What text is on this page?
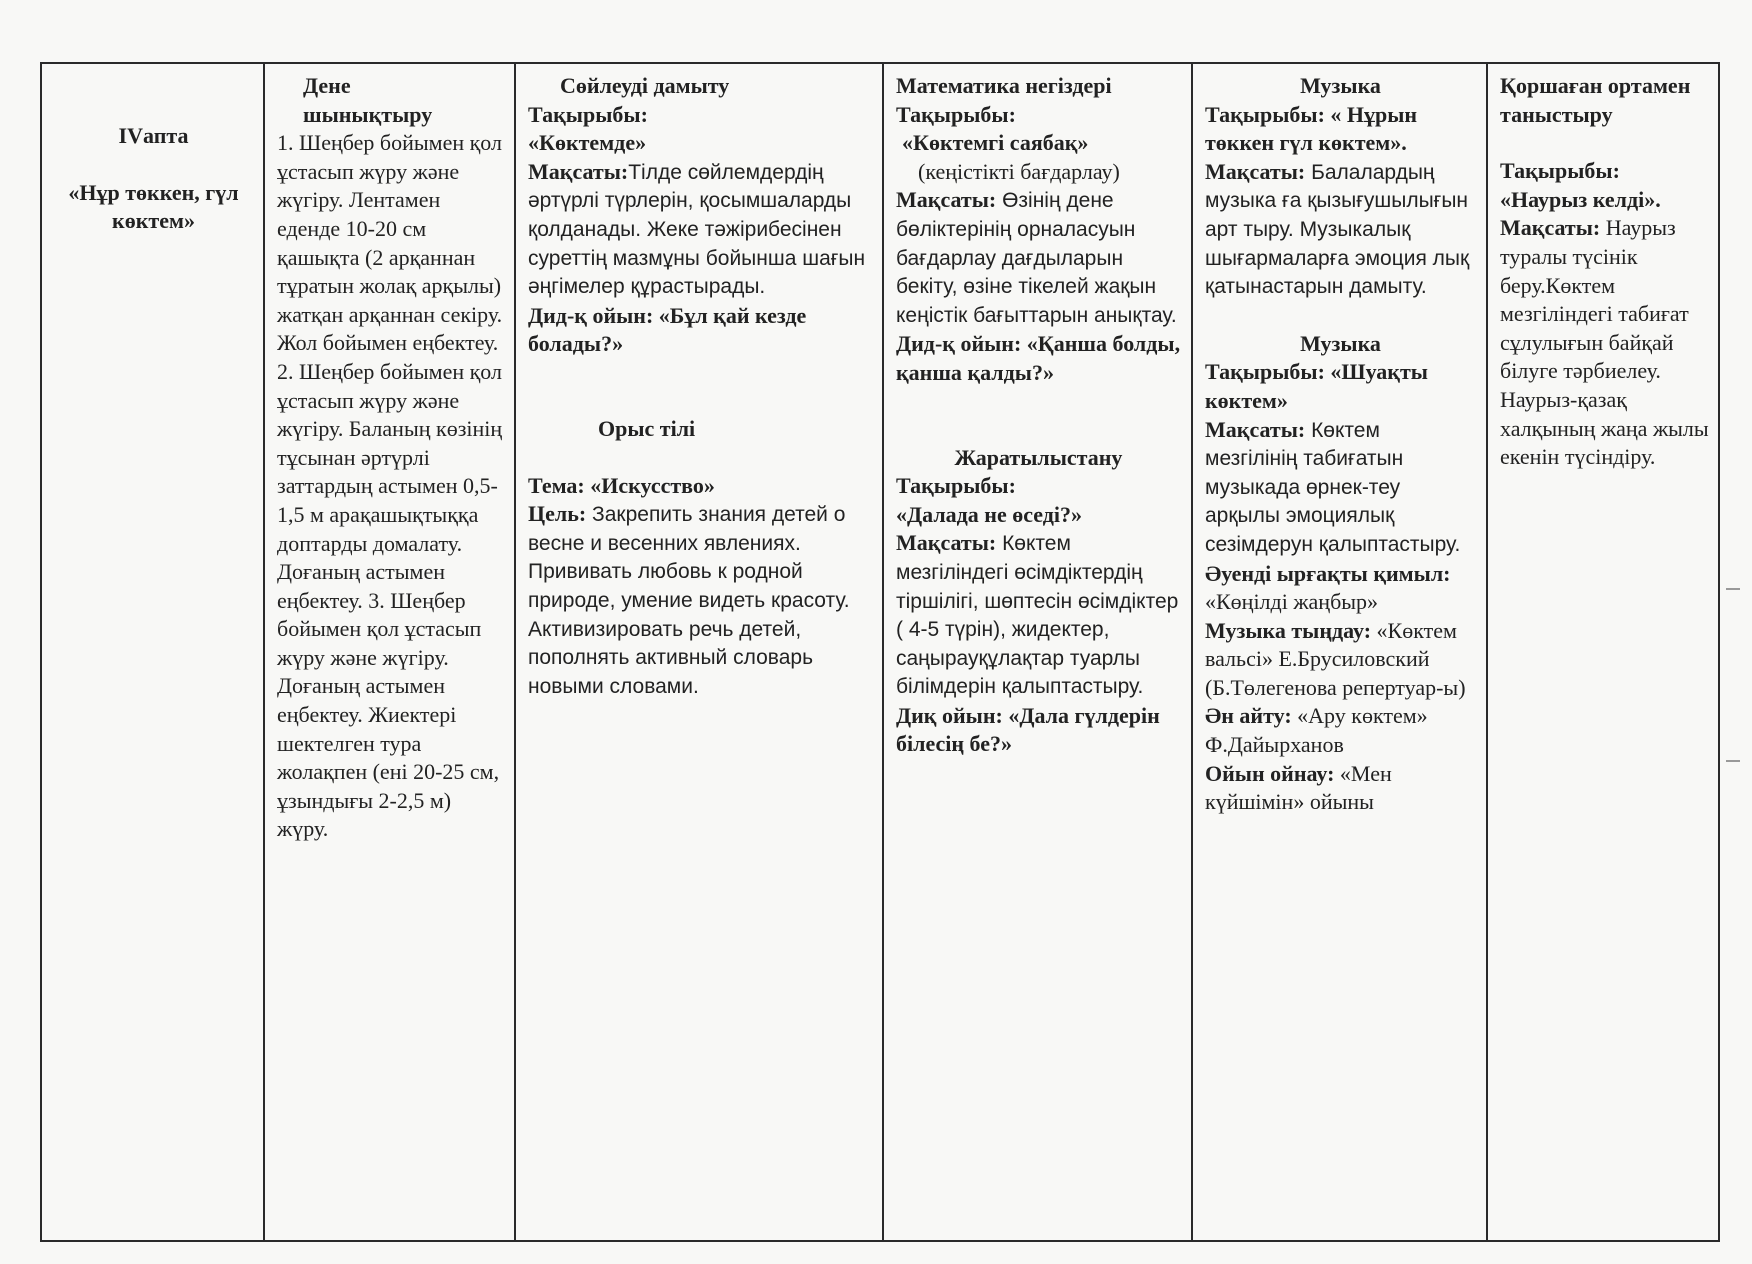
IVапта
«Нұр төккен, гүл көктем»
Дене шынықтыру
1. Шеңбер бойымен қол ұстасып жүру және жүгіру. Лентамен еденде 10-20 см қашықта (2 арқаннан тұратын жолақ арқылы) жатқан арқаннан секіру. Жол бойымен еңбектеу. 2. Шеңбер бойымен қол ұстасып жүру және жүгіру. Баланың көзінің тұсынан әртүрлі заттардың астымен 0,5-1,5 м арақашықтыққа доптарды домалату. Доғаның астымен еңбектеу. 3. Шеңбер бойымен қол ұстасып жүру және жүгіру. Доғаның астымен еңбектеу. Жиектері шектелген тура жолақпен (ені 20-25 см, ұзындығы 2-2,5 м) жүру.
Сөйлеуді дамыту
Тақырыбы:
«Көктемде»
Мақсаты:Тілде сөйлемдердің әртүрлі түрлерін, қосымшаларды қолданады. Жеке тәжірибесінен суреттің мазмұны бойынша шағын әңгімелер құрастырады.
Дид-қ ойын: «Бұл қай кезде болады?»
Орыс тілі
Тема: «Искусство»
Цель: Закрепить знания детей о весне и весенних явлениях. Прививать любовь к родной природе, умение видеть красоту. Активизировать речь детей, пополнять активный словарь новыми словами.
Математика негіздері
Тақырыбы:
«Көктемгі саябақ»
(кеңістікті бағдарлау)
Мақсаты: Өзінің дене бөліктерінің орналасуын бағдарлау дағдыларын бекіту, өзіне тікелей жақын кеңістік бағыттарын анықтау.
Дид-қ ойын: «Қанша болды, қанша қалды?»
Жаратылыстану
Тақырыбы:
«Далада не өседі?»
Мақсаты: Көктем мезгіліндегі өсімдіктердің тіршілігі, шөптесін өсімдіктер ( 4-5 түрін), жидектер, саңырауқұлақтар туарлы білімдерін қалыптастыру.
Диқ ойын: «Дала гүлдерін білесің бе?»
Музыка
Тақырыбы: « Нұрын төккен гүл көктем».
Мақсаты: Балалардың музыка ға қызығушылығын арт тыру. Музыкалық шығармаларға эмоция лық қатынастарын дамыту.
Музыка
Тақырыбы: «Шуақты көктем»
Мақсаты: Көктем мезгілінің табиғатын музыкада өрнек-теу арқылы эмоциялық сезімдерун қалыптастыру.
Әуенді ырғақты қимыл:
«Көңілді жаңбыр»
Музыка тыңдау: «Көктем вальсі» Е.Брусиловский (Б.Төлегенова репертуар-ы)
Ән айту: «Ару көктем» Ф.Дайырханов
Ойын ойнау: «Мен күйшімін» ойыны
Қоршаған ортамен таныстыру
Тақырыбы:
«Наурыз келді».
Мақсаты: Наурыз туралы түсінік беру.Көктем мезгіліндегі табиғат сұлулығын байқай білуге тәрбиелеу. Наурыз-қазақ халқының жаңа жылы екенін түсіндіру.
